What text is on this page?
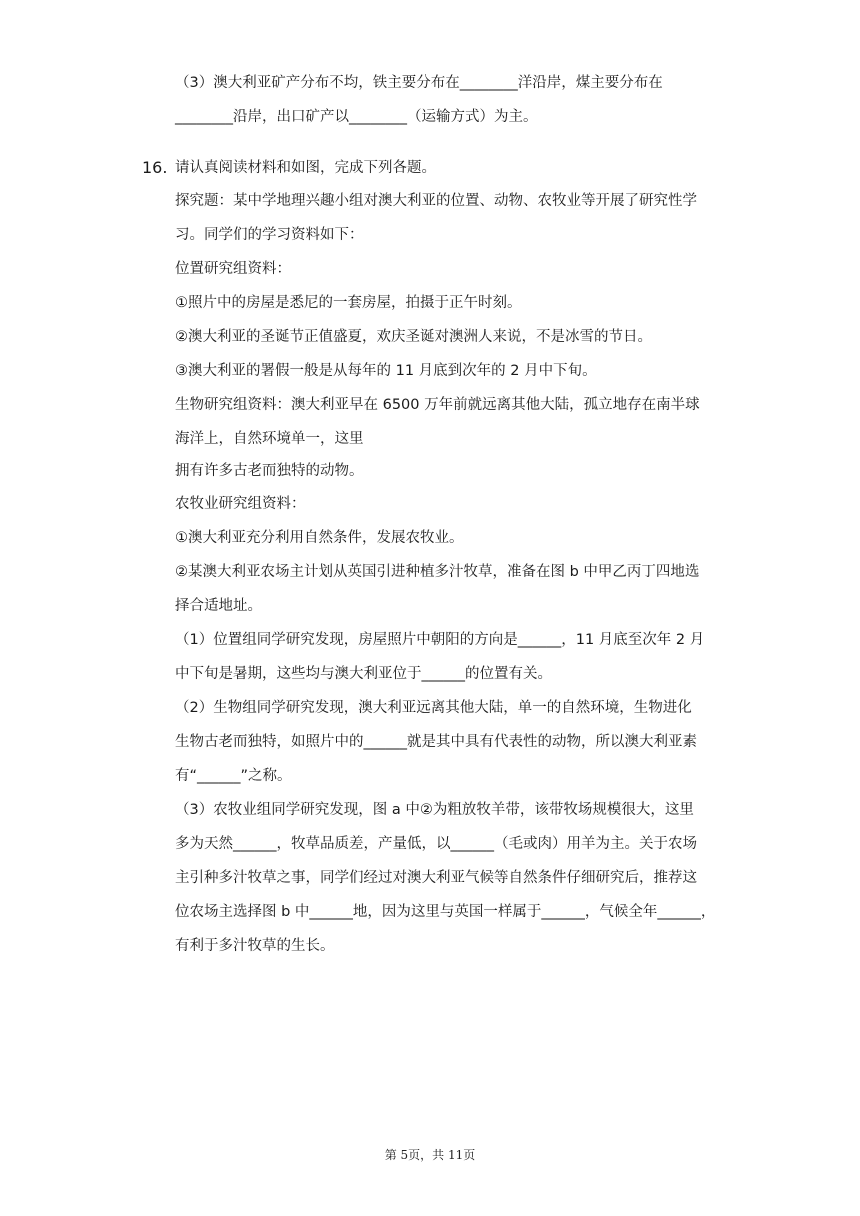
（3）澳大利亚矿产分布不均，铁主要分布在________洋沿岸，煤主要分布在
________沿岸，出口矿产以________（运输方式）为主。
16. 请认真阅读材料和如图，完成下列各题。
探究题：某中学地理兴趣小组对澳大利亚的位置、动物、农牧业等开展了研究性学
习。同学们的学习资料如下：
位置研究组资料：
①照片中的房屋是悉尼的一套房屋，拍摄于正午时刻。
②澳大利亚的圣诞节正值盛夏，欢庆圣诞对澳洲人来说，不是冰雪的节日。
③澳大利亚的署假一般是从每年的 11 月底到次年的 2 月中下旬。
生物研究组资料：澳大利亚早在 6500 万年前就远离其他大陆，孤立地存在南半球
海洋上，自然环境单一，这里
拥有许多古老而独特的动物。
农牧业研究组资料：
①澳大利亚充分利用自然条件，发展农牧业。
②某澳大利亚农场主计划从英国引进种植多汁牧草，准备在图 b 中甲乙丙丁四地选
择合适地址。
（1）位置组同学研究发现，房屋照片中朝阳的方向是______，11 月底至次年 2 月
中下旬是暑期，这些均与澳大利亚位于______的位置有关。
（2）生物组同学研究发现，澳大利亚远离其他大陆，单一的自然环境，生物进化
生物古老而独特，如照片中的______就是其中具有代表性的动物，所以澳大利亚素
有“______”之称。
（3）农牧业组同学研究发现，图 a 中②为粗放牧羊带，该带牧场规模很大，这里
多为天然______，牧草品质差，产量低，以______（毛或肉）用羊为主。关于农场
主引种多汁牧草之事，同学们经过对澳大利亚气候等自然条件仔细研究后，推荐这
位农场主选择图 b 中______地，因为这里与英国一样属于______，气候全年______，
有利于多汁牧草的生长。
第 5页，共 11页
